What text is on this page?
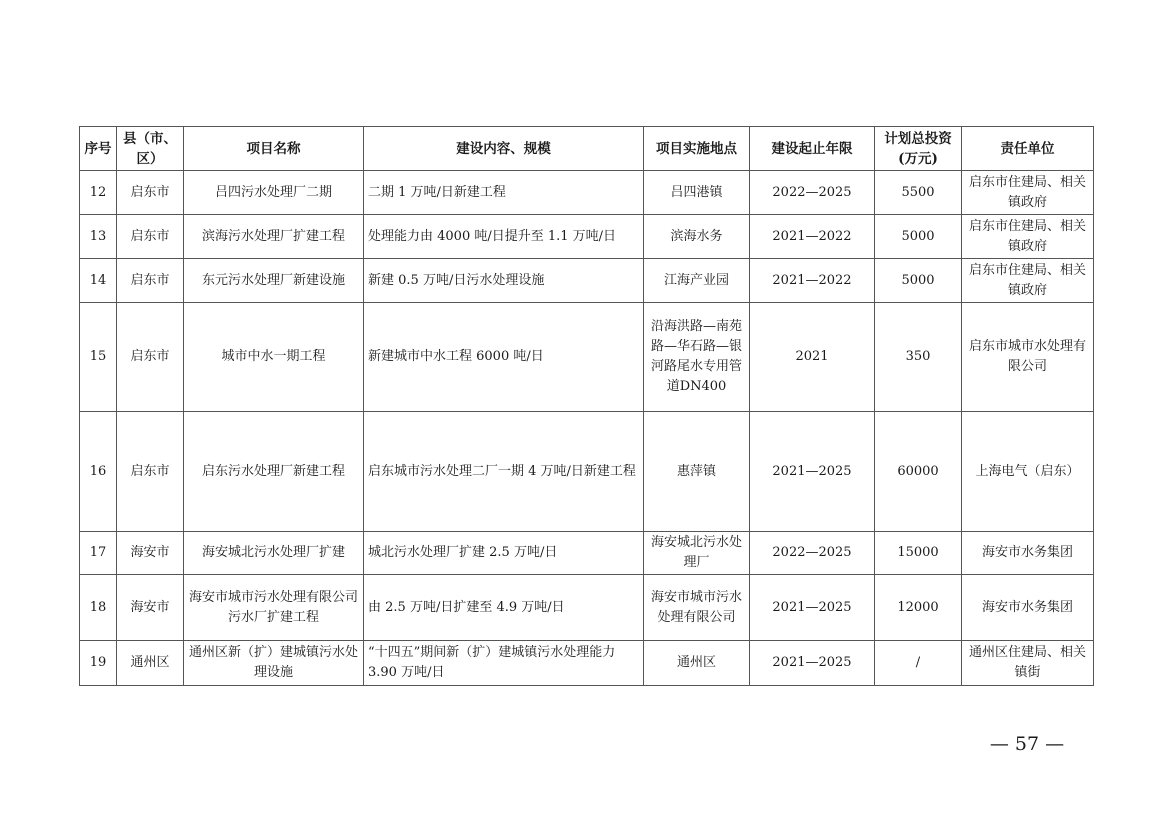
序号	县（市、区）	项目名称	建设内容、规模	项目实施地点	建设起止年限	计划总投资(万元)	责任单位
12	启东市	吕四污水处理厂二期	二期 1 万吨/日新建工程	吕四港镇	2022—2025	5500	启东市住建局、相关镇政府
13	启东市	滨海污水处理厂扩建工程	处理能力由 4000 吨/日提升至 1.1 万吨/日	滨海水务	2021—2022	5000	启东市住建局、相关镇政府
14	启东市	东元污水处理厂新建设施	新建 0.5 万吨/日污水处理设施	江海产业园	2021—2022	5000	启东市住建局、相关镇政府
15	启东市	城市中水一期工程	新建城市中水工程 6000 吨/日	沿海洪路—南苑路—华石路—银河路尾水专用管道DN400	2021	350	启东市城市水处理有限公司
16	启东市	启东污水处理厂新建工程	启东城市污水处理二厂一期 4 万吨/日新建工程	惠萍镇	2021—2025	60000	上海电气（启东）
17	海安市	海安城北污水处理厂扩建	城北污水处理厂扩建 2.5 万吨/日	海安城北污水处理厂	2022—2025	15000	海安市水务集团
18	海安市	海安市城市污水处理有限公司污水厂扩建工程	由 2.5 万吨/日扩建至 4.9 万吨/日	海安市城市污水处理有限公司	2021—2025	12000	海安市水务集团
19	通州区	通州区新（扩）建城镇污水处理设施	“十四五”期间新（扩）建城镇污水处理能力 3.90 万吨/日	通州区	2021—2025	/	通州区住建局、相关镇街
— 57 —
